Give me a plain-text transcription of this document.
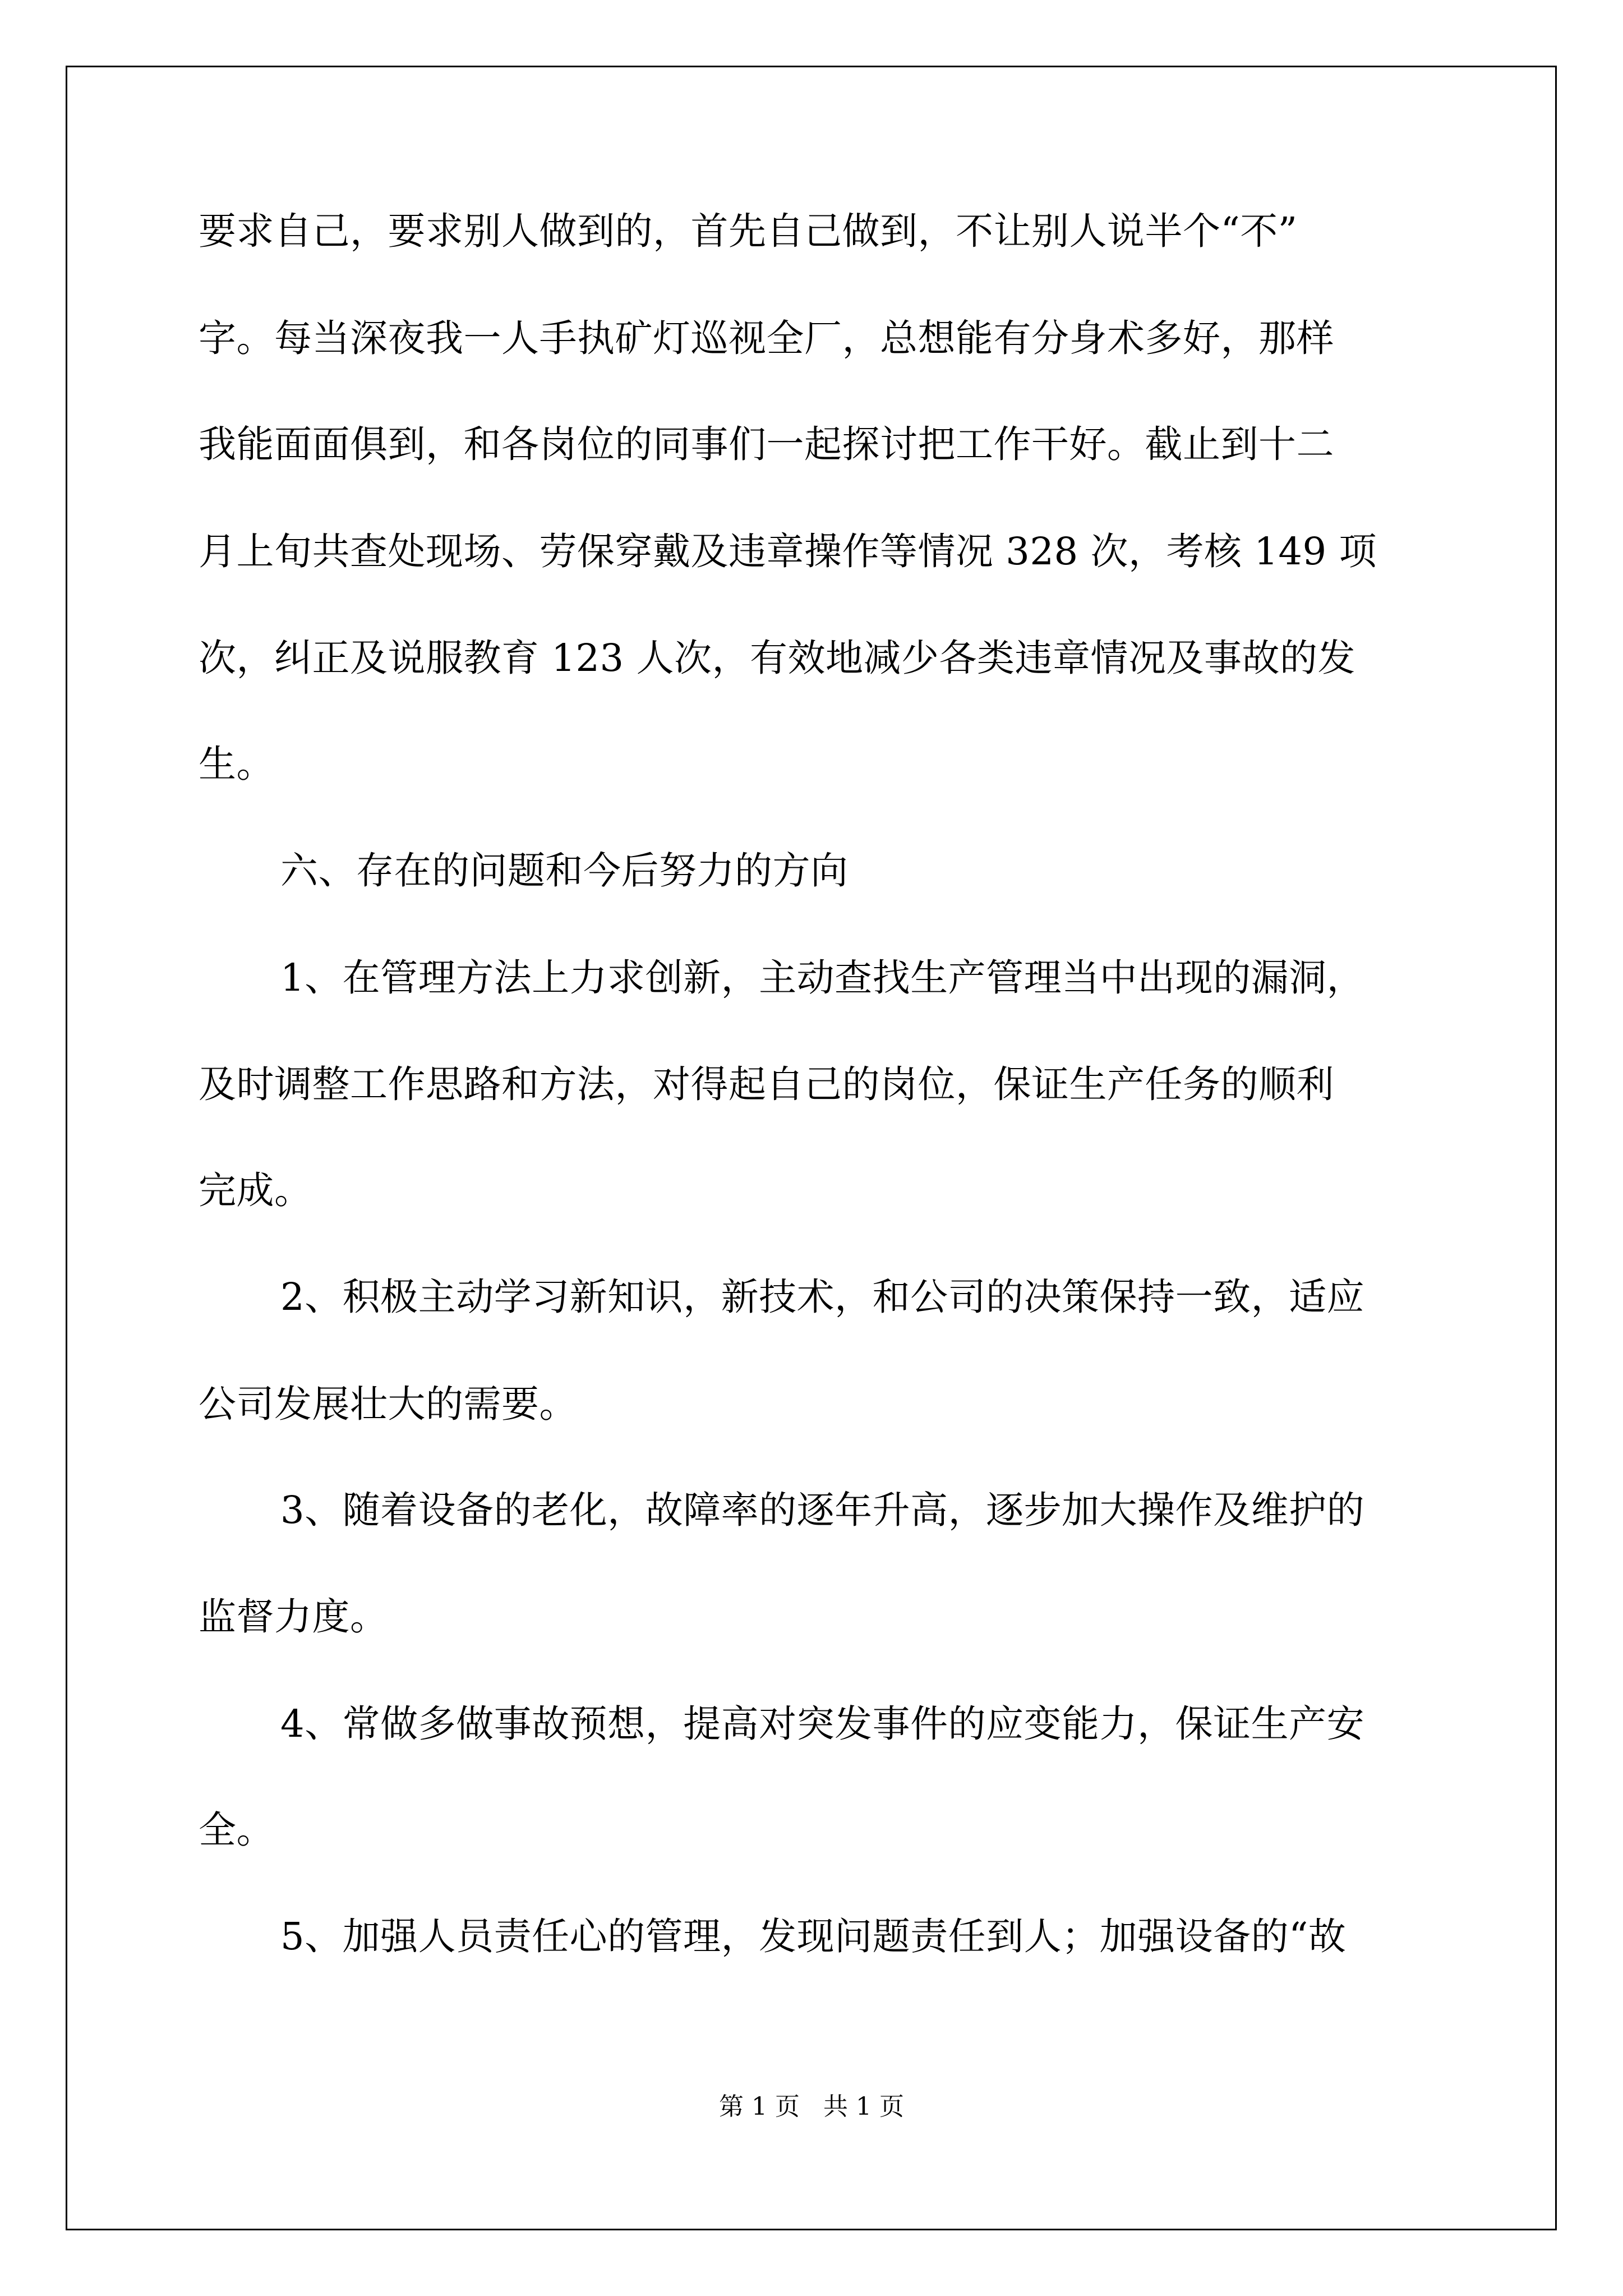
要求自己，要求别人做到的，首先自己做到，不让别人说半个“不”
字。每当深夜我一人手执矿灯巡视全厂，总想能有分身术多好，那样
我能面面俱到，和各岗位的同事们一起探讨把工作干好。截止到十二
月上旬共查处现场、劳保穿戴及违章操作等情况 328 次，考核 149 项
次，纠正及说服教育 123 人次，有效地减少各类违章情况及事故的发
生。
六、存在的问题和今后努力的方向
1、在管理方法上力求创新，主动查找生产管理当中出现的漏洞，
及时调整工作思路和方法，对得起自己的岗位，保证生产任务的顺利
完成。
2、积极主动学习新知识，新技术，和公司的决策保持一致，适应
公司发展壮大的需要。
3、随着设备的老化，故障率的逐年升高，逐步加大操作及维护的
监督力度。
4、常做多做事故预想，提高对突发事件的应变能力，保证生产安
全。
5、加强人员责任心的管理，发现问题责任到人；加强设备的“故
第 1 页   共 1 页
